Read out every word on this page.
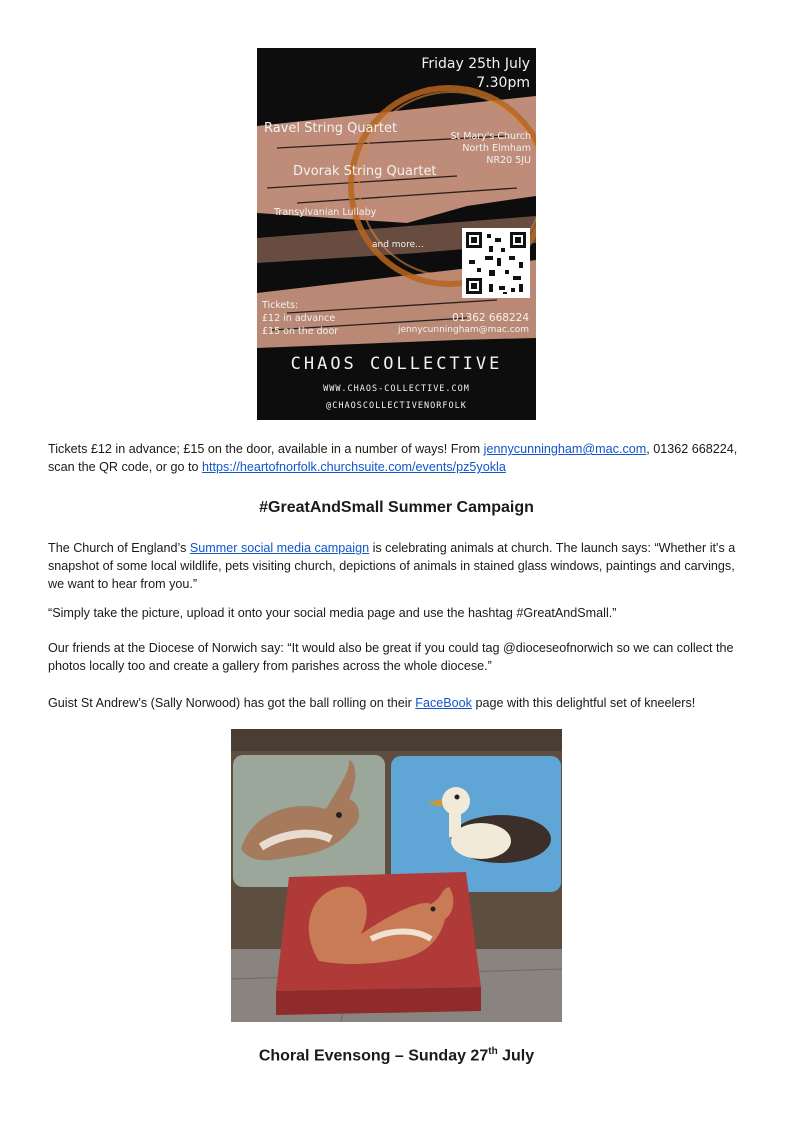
Friday 25th July
7.30pm
Ravel String Quartet
St Mary's Church
North Elmham
NR20 5JU
Dvorak String Quartet
Transylvanian Lullaby
and more...
Tickets:
£12 in advance
£15 on the door
01362 668224
jennycunningham@mac.com
CHAOS COLLECTIVE
WWW.CHAOS-COLLECTIVE.COM
@CHAOSCOLLECTIVENORFOLK
Tickets £12 in advance; £15 on the door, available in a number of ways! From jennycunningham@mac.com, 01362 668224, scan the QR code, or go to https://heartofnorfolk.churchsuite.com/events/pz5yokla
#GreatAndSmall Summer Campaign
The Church of England’s Summer social media campaign is celebrating animals at church. The launch says: “Whether it's a snapshot of some local wildlife, pets visiting church, depictions of animals in stained glass windows, paintings and carvings, we want to hear from you.”
“Simply take the picture, upload it onto your social media page and use the hashtag #GreatAndSmall.”
Our friends at the Diocese of Norwich say: “It would also be great if you could tag @dioceseofnorwich so we can collect the photos locally too and create a gallery from parishes across the whole diocese.”
Guist St Andrew’s (Sally Norwood) has got the ball rolling on their FaceBook page with this delightful set of kneelers!
Choral Evensong – Sunday 27th July
